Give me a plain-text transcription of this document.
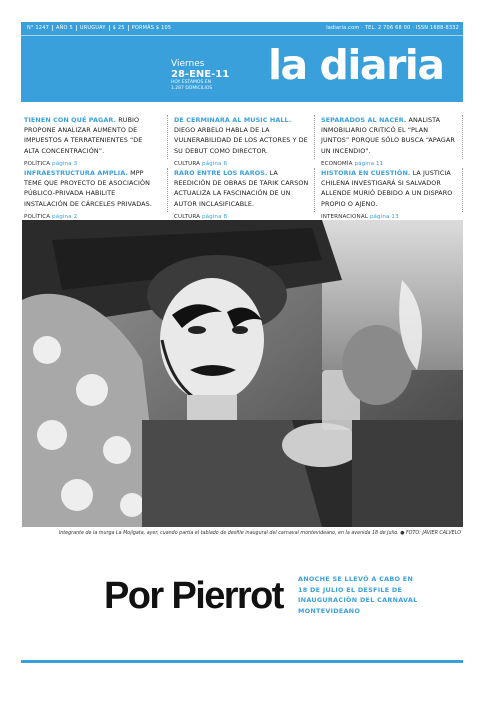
N° 1247 AÑO 5 URUGUAY $ 25 PORMÁS $ 105	ladiaria.com · TEL. 2 706 68 00 · ISSN 1688-8332
Viernes
28-ENE-11
HOY ESTAMOS EN
1.287 DOMICILIOS	la diaria
TIENEN CON QUÉ PAGAR. RUBIO PROPONE ANALIZAR AUMENTO DE IMPUESTOS A TERRATENIENTES “DE ALTA CONCENTRACIÓN”.
POLÍTICA página 3
DE CERMINARA AL MUSIC HALL. DIEGO ARBELO HABLA DE LA VULNERABILIDAD DE LOS ACTORES Y DE SU DEBUT COMO DIRECTOR.
CULTURA página 6
SEPARADOS AL NACER. ANALISTA INMOBILIARIO CRITICÓ EL “PLAN JUNTOS” PORQUE SÓLO BUSCA “APAGAR UN INCENDIO”.
ECONOMÍA página 11
INFRAESTRUCTURA AMPLIA. MPP TEME QUE PROYECTO DE ASOCIACIÓN PÚBLICO-PRIVADA HABILITE INSTALACIÓN DE CÁRCELES PRIVADAS.
POLÍTICA página 2
RARO ENTRE LOS RAROS. LA REEDICIÓN DE OBRAS DE TARIK CARSON ACTUALIZA LA FASCINACIÓN DE UN AUTOR INCLASIFICABLE.
CULTURA página 8
HISTORIA EN CUESTIÓN. LA JUSTICIA CHILENA INVESTIGARÁ SI SALVADOR ALLENDE MURIÓ DEBIDO A UN DISPARO PROPIO O AJENO.
INTERNACIONAL página 13
Integrante de la murga La Mojigata, ayer, cuando partía el tablado de desfile inaugural del carnaval montevideano, en la avenida 18 de Julio. ● FOTO: JAVIER CALVELO
Por Pierrot ANOCHE SE LLEVÓ A CABO EN 18 DE JULIO EL DESFILE DE INAUGURACIÓN DEL CARNAVAL MONTEVIDEANO
